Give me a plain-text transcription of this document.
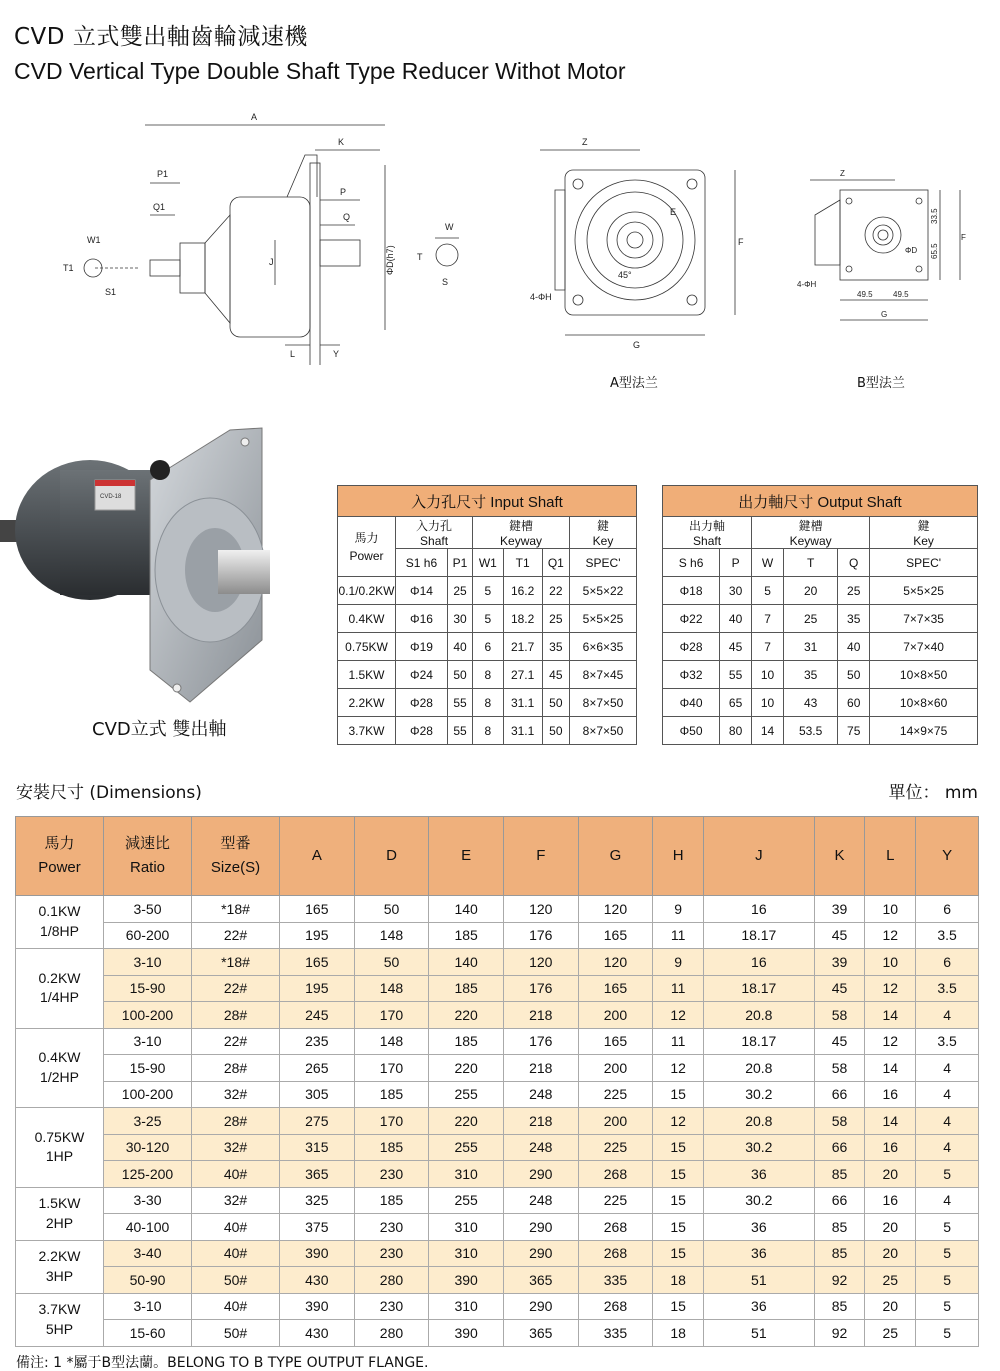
CVD 立式雙出軸齒輪減速機
CVD Vertical Type Double Shaft Type Reducer Withot Motor
A
K
P1
P
Q1
Q
W1
T1
S1
J	ΦD(h7)
L	Y
W
T
S
Z
E
F
45°
4-ΦH
G
A型法兰
Z
33.5
65.5
F
ΦD
4-ΦH
49.5	49.5
G
B型法兰
CVD-18
CVD立式 雙出軸
入力孔尺寸 Input Shaft						
馬力
Power	入力孔
Shaft		鍵槽
Keyway			鍵
Key
	S1 h6	P1	W1	T1	Q1	SPEC'
0.1/0.2KW	Φ14	25	5	16.2	22	5×5×22
0.4KW	Φ16	30	5	18.2	25	5×5×25
0.75KW	Φ19	40	6	21.7	35	6×6×35
1.5KW	Φ24	50	8	27.1	45	8×7×45
2.2KW	Φ28	55	8	31.1	50	8×7×50
3.7KW	Φ28	55	8	31.1	50	8×7×50
出力軸尺寸 Output Shaft					
出力軸
Shaft		鍵槽
Keyway			鍵
Key
S h6	P	W	T	Q	SPEC'
Φ18	30	5	20	25	5×5×25
Φ22	40	7	25	35	7×7×35
Φ28	45	7	31	40	7×7×40
Φ32	55	10	35	50	10×8×50
Φ40	65	10	43	60	10×8×60
Φ50	80	14	53.5	75	14×9×75
安裝尺寸 (Dimensions)	單位： mm
馬力
Power	減速比
Ratio	型番
Size(S)	A	D	E	F	G	H	J	K	L	Y
0.1KW
1/8HP	3-50	*18#	165	50	140	120	120	9	16	39	10	6
	60-200	22#	195	148	185	176	165	11	18.17	45	12	3.5
0.2KW
1/4HP	3-10	*18#	165	50	140	120	120	9	16	39	10	6
	15-90	22#	195	148	185	176	165	11	18.17	45	12	3.5
	100-200	28#	245	170	220	218	200	12	20.8	58	14	4
0.4KW
1/2HP	3-10	22#	235	148	185	176	165	11	18.17	45	12	3.5
	15-90	28#	265	170	220	218	200	12	20.8	58	14	4
	100-200	32#	305	185	255	248	225	15	30.2	66	16	4
0.75KW
1HP	3-25	28#	275	170	220	218	200	12	20.8	58	14	4
	30-120	32#	315	185	255	248	225	15	30.2	66	16	4
	125-200	40#	365	230	310	290	268	15	36	85	20	5
1.5KW
2HP	3-30	32#	325	185	255	248	225	15	30.2	66	16	4
	40-100	40#	375	230	310	290	268	15	36	85	20	5
2.2KW
3HP	3-40	40#	390	230	310	290	268	15	36	85	20	5
	50-90	50#	430	280	390	365	335	18	51	92	25	5
3.7KW
5HP	3-10	40#	390	230	310	290	268	15	36	85	20	5
	15-60	50#	430	280	390	365	335	18	51	92	25	5
備注: 1 *屬于B型法蘭。BELONG TO B TYPE OUTPUT FLANGE.
